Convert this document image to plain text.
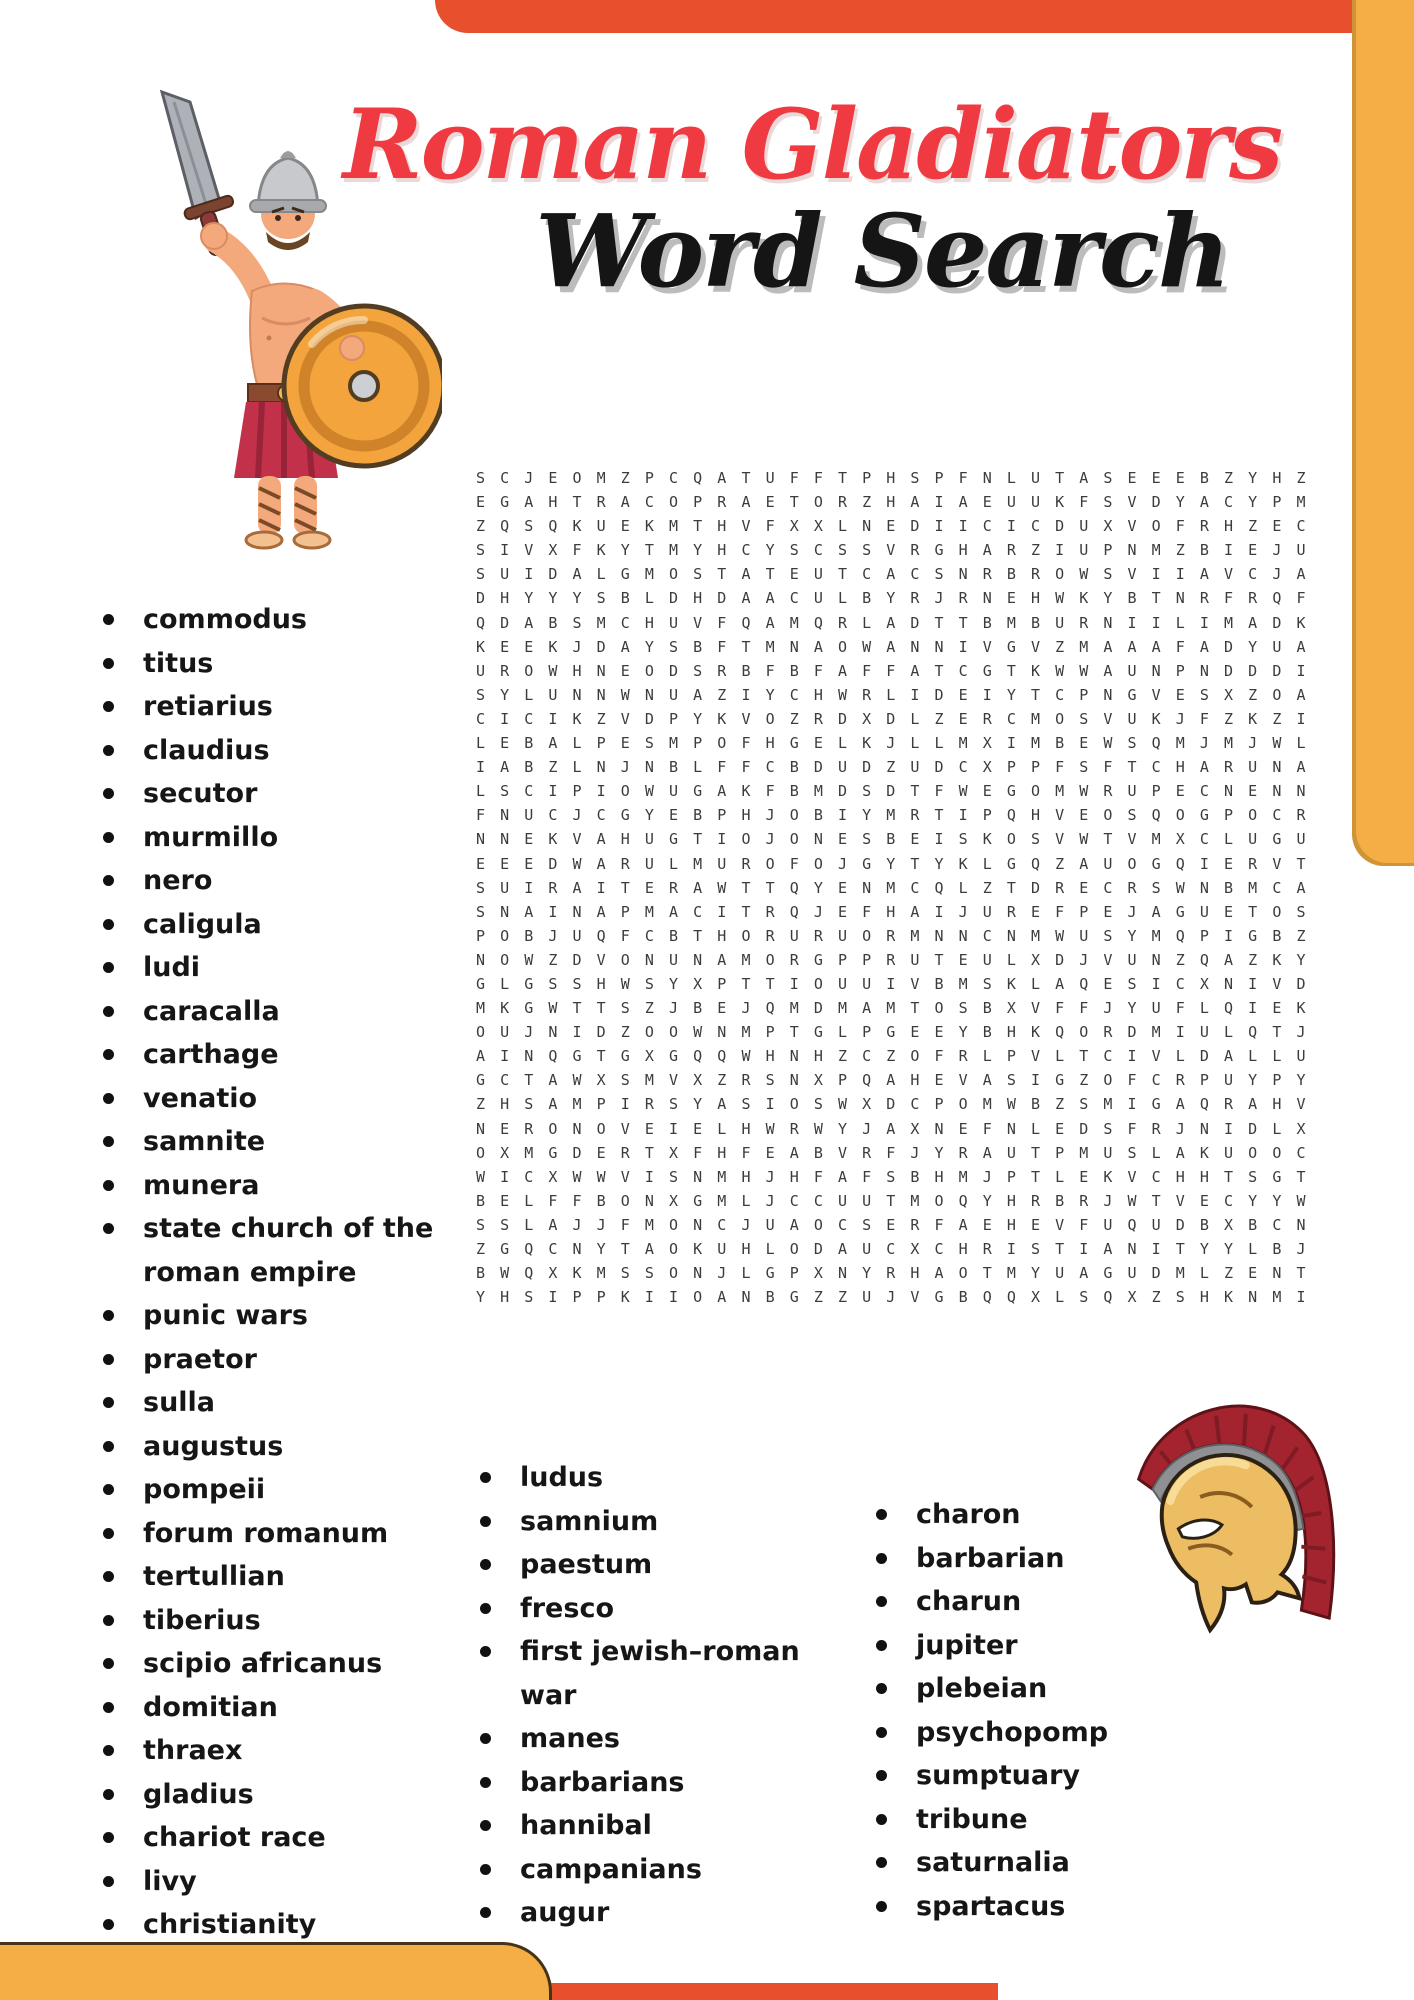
Roman Gladiators
Word Search
SCJEOMZPCQATUFFTPHSPFNLUTASEEEBZYHZ
EGAHTRACOPRAETORZHAIAEUUKFSVDYACYPM
ZQSQKUEKMTHVFXXLNEDIICICDUXVOFRHZEC
SIVXFKYTMYHCYSCSSVRGHARZIUPNMZBIEJU
SUIDALGMOSTATEUTCACSNRBROWSVIIAVCJA
DHYYYSBLDHDAACULBYRJRNEHWKYBTNRFRQF
QDABSMCHUVFQAMQRLADTTBMBURNIILIMADK
KEEKJDAYSBFTMNAOWANNIVGVZMAAAFADYUA
UROWHNEODSRBFBFAFFATCGTKWWAUNPNDDDI
SYLUNNWNUAZIYCHWRLIDEIYTCPNGVESXZOA
CICIKZVDPYKVOZRDXDLZERCMOSVUKJFZKZI
LEBALPESMPOFHGELKJLLMXIMBEWSQMJMJWL
IABZLNJNBLFFCBDUDZUDCXPPFSFTCHARUNA
LSCIPIOWUGAKFBMDSDTFWEGOMWRUPECNENN
FNUCJCGYEBPHJOBIYMRTIPQHVEOSQOGPOCR
NNEKVAHUGTIOJONESBEISKOSVWTVMXCLUGU
EEEDWARULMUROFOJGYTYKLGQZAUOGQIERVT
SUIRAITERAWTTQYENMCQLZTDRECRSWNBMCA
SNAINAPMACITRQJEFHAIJUREFPEJAGUETOS
POBJUQFCBTHORURUORMNNCNMWUSYMQPIGBZ
NOWZDVONUNAMORGPPRUTEULXDJVUNZQAZKY
GLGSSHWSYXPTTIOUUIVBMSKLAQESICXNIVD
MKGWTTSZJBEJQMDMAMTOSBXVFFJYUFLQIEK
OUJNIDZOOWNMPTGLPGEEYBHKQORDMIULQTJ
AINQGTGXGQQWHNHZCZOFRLPVLTCIVLDALLU
GCTAWXSMVXZRSNXPQAHEVASIGZOFCRPUYPY
ZHSAMPIRSYASIOSWXDCPOMWBZSMIGAQRAHV
NERONOVEIELHWRWYJAXNEFNLEDSFRJNIDLX
OXMGDERTXFHFEABVRFJYRAUTPMUSLAKUOOC
WICXWWVISNMHJHFAFSBHMJPTLEKVCHHTSGT
BELFFBONXGMLJCCUUTMOQYHRBRJWTVECYYW
SSLAJJFMONCJUAOCSERFAEHEVFUQUDBXBCN
ZGQCNYTAOKUHLODAUCXCHRISTIANITYYLBJ
BWQXKMSSONJLGPXNYRHAOTMYUAGUDMLZENT
YHSIPPKIIOANBGZZUJVGBQQXLSQXZSHKNMI
commodus
titus
retiarius
claudius
secutor
murmillo
nero
caligula
ludi
caracalla
carthage
venatio
samnite
munera
state church of the roman empire
punic wars
praetor
sulla
augustus
pompeii
forum romanum
tertullian
tiberius
scipio africanus
domitian
thraex
gladius
chariot race
livy
christianity
ludus
samnium
paestum
fresco
first jewish–roman war
manes
barbarians
hannibal
campanians
augur
charon
barbarian
charun
jupiter
plebeian
psychopomp
sumptuary
tribune
saturnalia
spartacus
